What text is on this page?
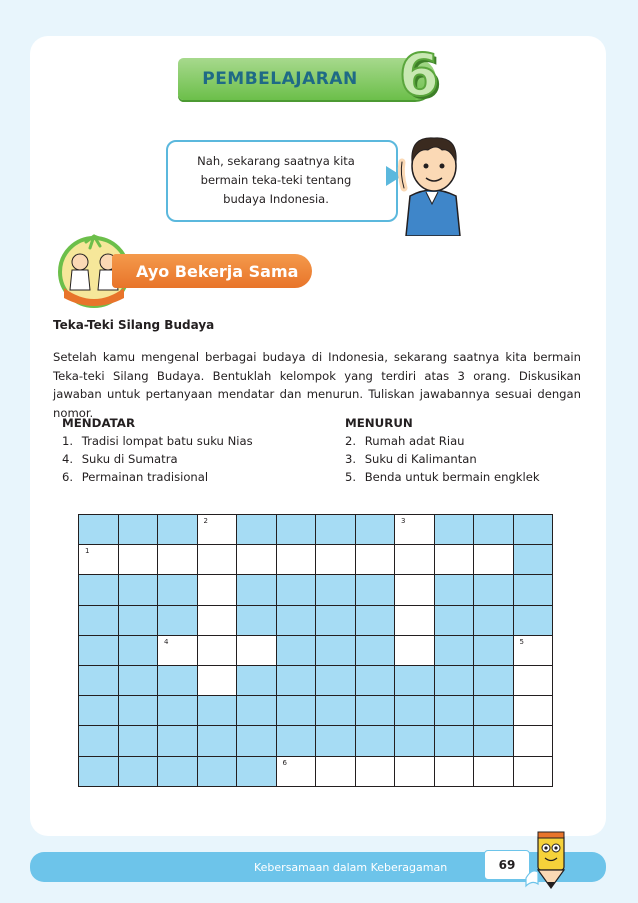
PEMBELAJARAN 6
Nah, sekarang saatnya kita
bermain teka-teki tentang
budaya Indonesia.
Ayo Bekerja Sama
Teka-Teki Silang Budaya
Setelah kamu mengenal berbagai budaya di Indonesia, sekarang saatnya kita bermain Teka-teki Silang Budaya. Bentuklah kelompok yang terdiri atas 3 orang. Diskusikan jawaban untuk pertanyaan mendatar dan menurun. Tuliskan jawabannya sesuai dengan nomor.
MENDATAR
1. Tradisi lompat batu suku Nias
4. Suku di Sumatra
6. Permainan tradisional
MENURUN
2. Rumah adat Riau
3. Suku di Kalimantan
5. Benda untuk bermain engklek
2	3
1
4	5
6
Kebersamaan dalam Keberagaman	69
